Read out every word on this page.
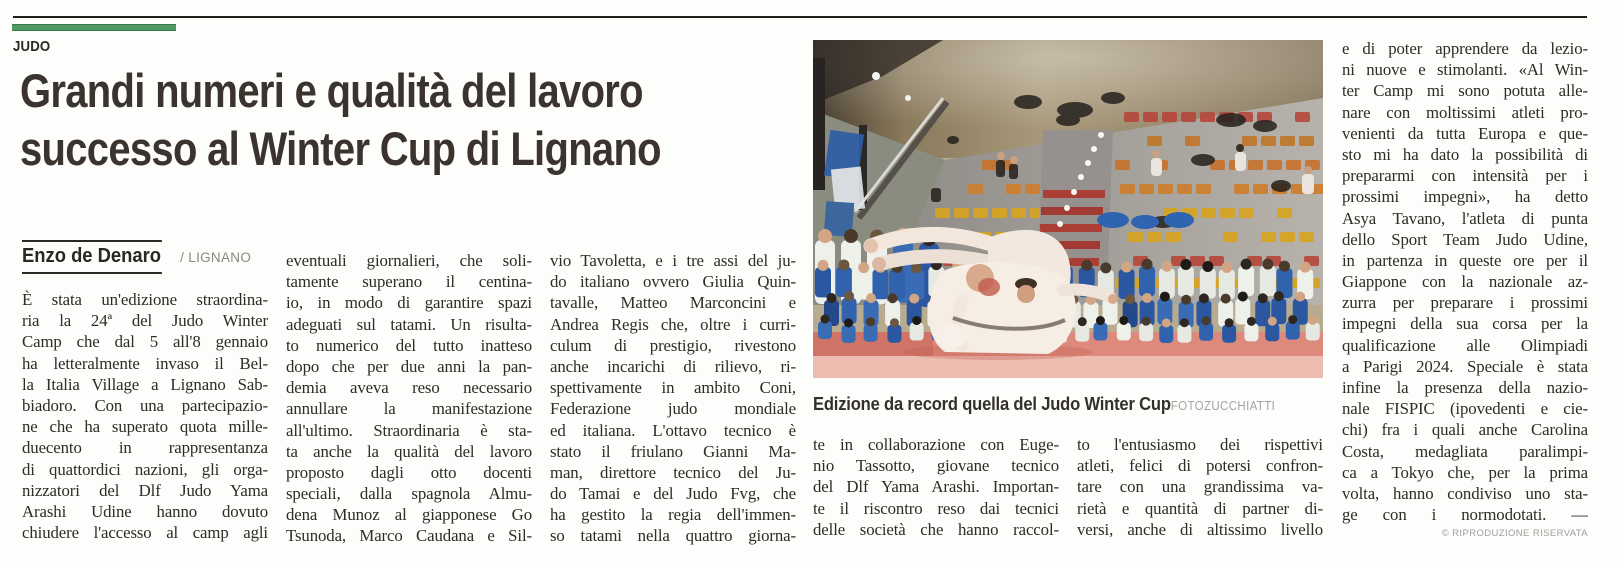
JUDO
Grandi numeri e qualità del lavoro
successo al Winter Cup di Lignano
Enzo de Denaro / LIGNANO
È stata un'edizione straordina-
ria la 24ª del Judo Winter
Camp che dal 5 all'8 gennaio
ha letteralmente invaso il Bel-
la Italia Village a Lignano Sab-
biadoro. Con una partecipazio-
ne che ha superato quota mille-
duecento in rappresentanza
di quattordici nazioni, gli orga-
nizzatori del Dlf Judo Yama
Arashi Udine hanno dovuto
chiudere l'accesso al camp agli
eventuali giornalieri, che soli-
tamente superano il centina-
io, in modo di garantire spazi
adeguati sul tatami. Un risulta-
to numerico del tutto inatteso
dopo che per due anni la pan-
demia aveva reso necessario
annullare la manifestazione
all'ultimo. Straordinaria è sta-
ta anche la qualità del lavoro
proposto dagli otto docenti
speciali, dalla spagnola Almu-
dena Munoz al giapponese Go
Tsunoda, Marco Caudana e Sil-
vio Tavoletta, e i tre assi del ju-
do italiano ovvero Giulia Quin-
tavalle, Matteo Marconcini e
Andrea Regis che, oltre i curri-
culum di prestigio, rivestono
anche incarichi di rilievo, ri-
spettivamente in ambito Coni,
Federazione judo mondiale
ed italiana. L'ottavo tecnico è
stato il friulano Gianni Ma-
man, direttore tecnico del Ju-
do Tamai e del Judo Fvg, che
ha gestito la regia dell'immen-
so tatami nella quattro giorna-
te in collaborazione con Euge-
nio Tassotto, giovane tecnico
del Dlf Yama Arashi. Importan-
te il riscontro reso dai tecnici
delle società che hanno raccol-
to l'entusiasmo dei rispettivi
atleti, felici di potersi confron-
tare con una grandissima va-
rietà e quantità di partner di-
versi, anche di altissimo livello
e di poter apprendere da lezio-
ni nuove e stimolanti. «Al Win-
ter Camp mi sono potuta alle-
nare con moltissimi atleti pro-
venienti da tutta Europa e que-
sto mi ha dato la possibilità di
prepararmi con intensità per i
prossimi impegni», ha detto
Asya Tavano, l'atleta di punta
dello Sport Team Judo Udine,
in partenza in queste ore per il
Giappone con la nazionale az-
zurra per preparare i prossimi
impegni della sua corsa per la
qualificazione alle Olimpiadi
a Parigi 2024. Speciale è stata
infine la presenza della nazio-
nale FISPIC (ipovedenti e cie-
chi) fra i quali anche Carolina
Costa, medagliata paralimpi-
ca a Tokyo che, per la prima
volta, hanno condiviso uno sta-
ge con i normodotati. —
Edizione da record quella del Judo Winter CupFOTOZUCCHIATTI
© RIPRODUZIONE RISERVATA
